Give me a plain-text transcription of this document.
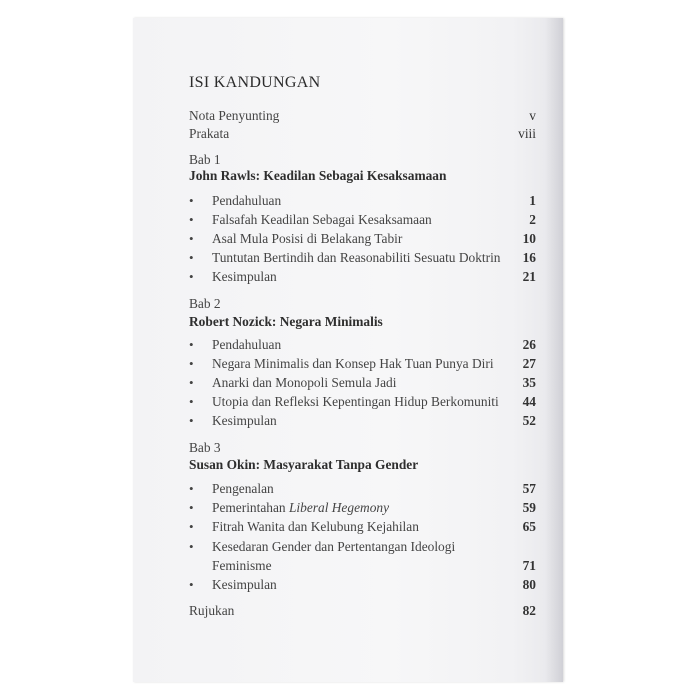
ISI KANDUNGAN
Nota Penyunting	v
Prakata	viii
Bab 1
John Rawls: Keadilan Sebagai Kesaksamaan
• Pendahuluan	1
• Falsafah Keadilan Sebagai Kesaksamaan	2
• Asal Mula Posisi di Belakang Tabir	10
• Tuntutan Bertindih dan Reasonabiliti Sesuatu Doktrin 16
• Kesimpulan	21
Bab 2
Robert Nozick: Negara Minimalis
• Pendahuluan	26
• Negara Minimalis dan Konsep Hak Tuan Punya Diri 27
• Anarki dan Monopoli Semula Jadi	35
• Utopia dan Refleksi Kepentingan Hidup Berkomuniti 44
• Kesimpulan	52
Bab 3
Susan Okin: Masyarakat Tanpa Gender
• Pengenalan	57
• Pemerintahan Liberal Hegemony	59
• Fitrah Wanita dan Kelubung Kejahilan	65
• Kesedaran Gender dan Pertentangan Ideologi
Feminisme	71
• Kesimpulan	80
Rujukan	82
